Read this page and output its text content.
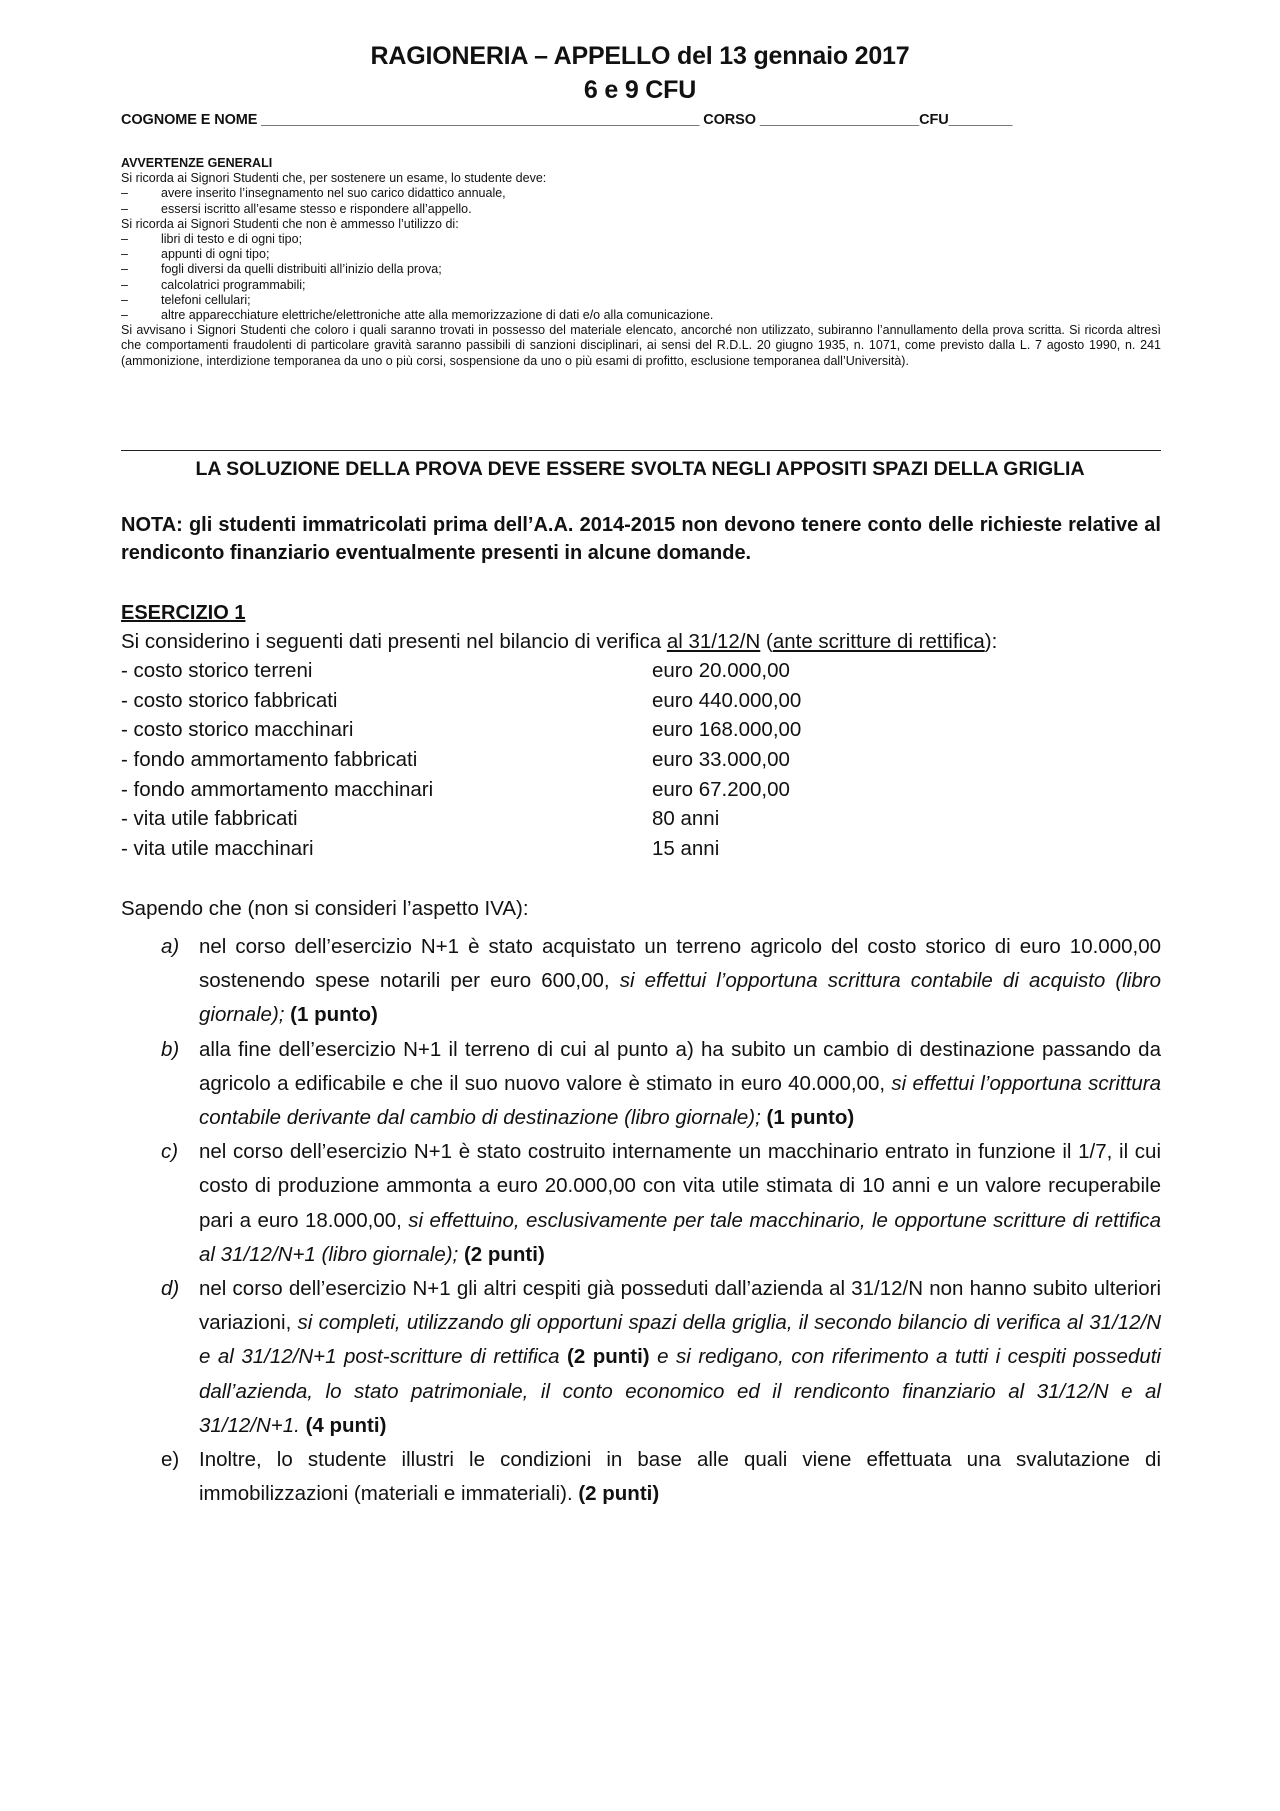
RAGIONERIA – APPELLO del 13 gennaio 2017
6 e 9 CFU
COGNOME E NOME _______________________________________________________ CORSO ____________________CFU________
AVVERTENZE GENERALI
Si ricorda ai Signori Studenti che, per sostenere un esame, lo studente deve:
–	avere inserito l’insegnamento nel suo carico didattico annuale,
–	essersi iscritto all’esame stesso e rispondere all’appello.
Si ricorda ai Signori Studenti che non è ammesso l’utilizzo di:
–	libri di testo e di ogni tipo;
–	appunti di ogni tipo;
–	fogli diversi da quelli distribuiti all’inizio della prova;
–	calcolatrici programmabili;
–	telefoni cellulari;
–	altre apparecchiature elettriche/elettroniche atte alla memorizzazione di dati e/o alla comunicazione.
Si avvisano i Signori Studenti che coloro i quali saranno trovati in possesso del materiale elencato, ancorché non utilizzato, subiranno l’annullamento della prova scritta. Si ricorda altresì che comportamenti fraudolenti di particolare gravità saranno passibili di sanzioni disciplinari, ai sensi del R.D.L. 20 giugno 1935, n. 1071, come previsto dalla L. 7 agosto 1990, n. 241 (ammonizione, interdizione temporanea da uno o più corsi, sospensione da uno o più esami di profitto, esclusione temporanea dall’Università).
LA SOLUZIONE DELLA PROVA DEVE ESSERE SVOLTA NEGLI APPOSITI SPAZI DELLA GRIGLIA
NOTA: gli studenti immatricolati prima dell’A.A. 2014-2015 non devono tenere conto delle richieste relative al rendiconto finanziario eventualmente presenti in alcune domande.
ESERCIZIO 1
Si considerino i seguenti dati presenti nel bilancio di verifica al 31/12/N (ante scritture di rettifica):
- costo storico terreni	euro 20.000,00
- costo storico fabbricati	euro 440.000,00
- costo storico macchinari	euro 168.000,00
- fondo ammortamento fabbricati	euro 33.000,00
- fondo ammortamento macchinari	euro 67.200,00
- vita utile fabbricati	80 anni
- vita utile macchinari	15 anni
Sapendo che (non si consideri l’aspetto IVA):
a) nel corso dell’esercizio N+1 è stato acquistato un terreno agricolo del costo storico di euro 10.000,00 sostenendo spese notarili per euro 600,00, si effettui l’opportuna scrittura contabile di acquisto (libro giornale); (1 punto)
b) alla fine dell’esercizio N+1 il terreno di cui al punto a) ha subito un cambio di destinazione passando da agricolo a edificabile e che il suo nuovo valore è stimato in euro 40.000,00, si effettui l’opportuna scrittura contabile derivante dal cambio di destinazione (libro giornale); (1 punto)
c) nel corso dell’esercizio N+1 è stato costruito internamente un macchinario entrato in funzione il 1/7, il cui costo di produzione ammonta a euro 20.000,00 con vita utile stimata di 10 anni e un valore recuperabile pari a euro 18.000,00, si effettuino, esclusivamente per tale macchinario, le opportune scritture di rettifica al 31/12/N+1 (libro giornale); (2 punti)
d) nel corso dell’esercizio N+1 gli altri cespiti già posseduti dall’azienda al 31/12/N non hanno subito ulteriori variazioni, si completi, utilizzando gli opportuni spazi della griglia, il secondo bilancio di verifica al 31/12/N e al 31/12/N+1 post-scritture di rettifica (2 punti) e si redigano, con riferimento a tutti i cespiti posseduti dall’azienda, lo stato patrimoniale, il conto economico ed il rendiconto finanziario al 31/12/N e al 31/12/N+1. (4 punti)
e) Inoltre, lo studente illustri le condizioni in base alle quali viene effettuata una svalutazione di immobilizzazioni (materiali e immateriali). (2 punti)
